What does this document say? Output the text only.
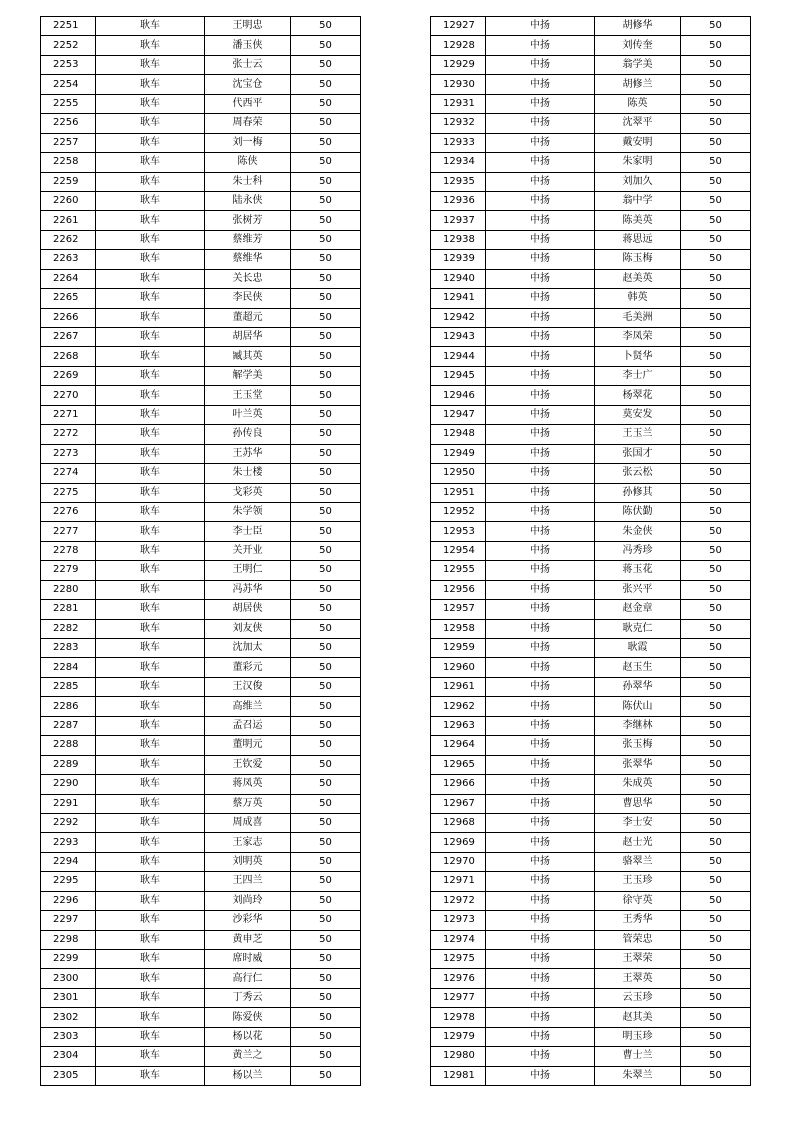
2251	耿车	王明忠	50
2252	耿车	潘玉侠	50
2253	耿车	张士云	50
2254	耿车	沈宝仓	50
2255	耿车	代西平	50
2256	耿车	周春荣	50
2257	耿车	刘一梅	50
2258	耿车	陈侠	50
2259	耿车	朱士科	50
2260	耿车	陆永侠	50
2261	耿车	张树芳	50
2262	耿车	蔡维芳	50
2263	耿车	蔡维华	50
2264	耿车	关长忠	50
2265	耿车	李民侠	50
2266	耿车	董超元	50
2267	耿车	胡居华	50
2268	耿车	臧其英	50
2269	耿车	解学美	50
2270	耿车	王玉堂	50
2271	耿车	叶兰英	50
2272	耿车	孙传良	50
2273	耿车	王苏华	50
2274	耿车	朱士楼	50
2275	耿车	戈彩英	50
2276	耿车	朱学领	50
2277	耿车	李士臣	50
2278	耿车	关开业	50
2279	耿车	王明仁	50
2280	耿车	冯苏华	50
2281	耿车	胡居侠	50
2282	耿车	刘友侠	50
2283	耿车	沈加太	50
2284	耿车	董彩元	50
2285	耿车	王汉俊	50
2286	耿车	高维兰	50
2287	耿车	孟召运	50
2288	耿车	董明元	50
2289	耿车	王钦爱	50
2290	耿车	蒋凤英	50
2291	耿车	蔡万英	50
2292	耿车	周成喜	50
2293	耿车	王家志	50
2294	耿车	刘明英	50
2295	耿车	王四兰	50
2296	耿车	刘尚玲	50
2297	耿车	沙彩华	50
2298	耿车	黄申芝	50
2299	耿车	席时威	50
2300	耿车	高行仁	50
2301	耿车	丁秀云	50
2302	耿车	陈爱侠	50
2303	耿车	杨以花	50
2304	耿车	黄兰之	50
2305	耿车	杨以兰	50
12927	中扬	胡修华	50
12928	中扬	刘传奎	50
12929	中扬	翁学美	50
12930	中扬	胡修兰	50
12931	中扬	陈英	50
12932	中扬	沈翠平	50
12933	中扬	戴安明	50
12934	中扬	朱家明	50
12935	中扬	刘加久	50
12936	中扬	翁中学	50
12937	中扬	陈美英	50
12938	中扬	蒋思远	50
12939	中扬	陈玉梅	50
12940	中扬	赵美英	50
12941	中扬	韩英	50
12942	中扬	毛美洲	50
12943	中扬	李凤荣	50
12944	中扬	卜贤华	50
12945	中扬	李士广	50
12946	中扬	杨翠花	50
12947	中扬	莫安发	50
12948	中扬	王玉兰	50
12949	中扬	张国才	50
12950	中扬	张云松	50
12951	中扬	孙修其	50
12952	中扬	陈伏勤	50
12953	中扬	朱金侠	50
12954	中扬	冯秀珍	50
12955	中扬	蒋玉花	50
12956	中扬	张兴平	50
12957	中扬	赵金章	50
12958	中扬	耿克仁	50
12959	中扬	耿霞	50
12960	中扬	赵玉生	50
12961	中扬	孙翠华	50
12962	中扬	陈伏山	50
12963	中扬	李继林	50
12964	中扬	张玉梅	50
12965	中扬	张翠华	50
12966	中扬	朱成英	50
12967	中扬	曹思华	50
12968	中扬	李士安	50
12969	中扬	赵士光	50
12970	中扬	骆翠兰	50
12971	中扬	王玉珍	50
12972	中扬	徐守英	50
12973	中扬	王秀华	50
12974	中扬	管荣忠	50
12975	中扬	王翠荣	50
12976	中扬	王翠英	50
12977	中扬	云玉珍	50
12978	中扬	赵其美	50
12979	中扬	明玉珍	50
12980	中扬	曹士兰	50
12981	中扬	朱翠兰	50
